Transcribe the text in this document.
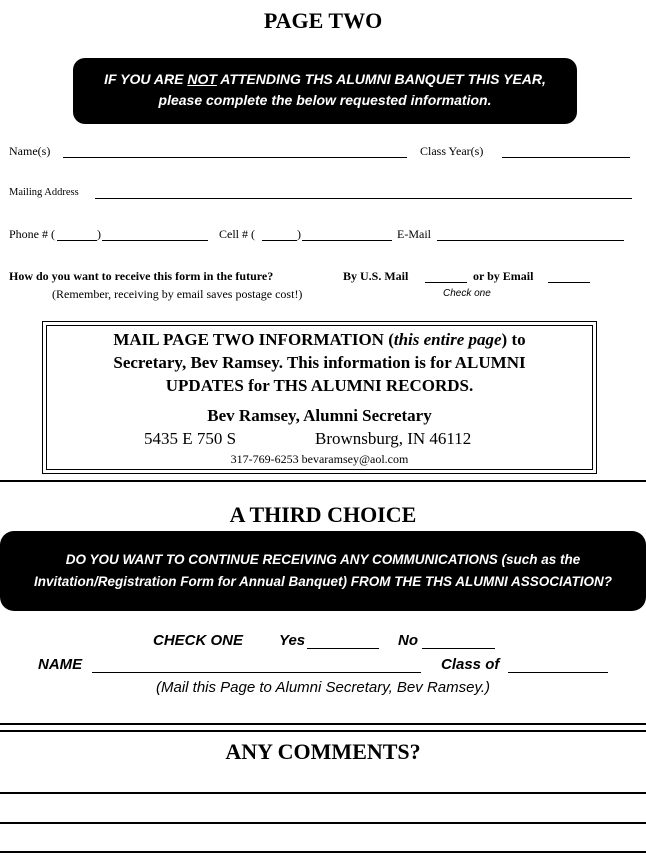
PAGE TWO
IF YOU ARE NOT ATTENDING THS ALUMNI BANQUET THIS YEAR,
please complete the below requested information.
Name(s)	Class Year(s)
Mailing Address
Phone # (	)	Cell # (	)	E-Mail
How do you want to receive this form in the future?	By U.S. Mail	or by Email
(Remember, receiving by email saves postage cost!)	Check one
MAIL PAGE TWO INFORMATION (this entire page) to
Secretary, Bev Ramsey. This information is for ALUMNI
UPDATES for THS ALUMNI RECORDS.
Bev Ramsey, Alumni Secretary
5435 E 750 S	Brownsburg, IN 46112
317-769-6253 bevaramsey@aol.com
A THIRD CHOICE
DO YOU WANT TO CONTINUE RECEIVING ANY COMMUNICATIONS (such as the
Invitation/Registration Form for Annual Banquet) FROM THE THS ALUMNI ASSOCIATION?
CHECK ONE Yes	No
NAME	Class of
(Mail this Page to Alumni Secretary, Bev Ramsey.)
ANY COMMENTS?
